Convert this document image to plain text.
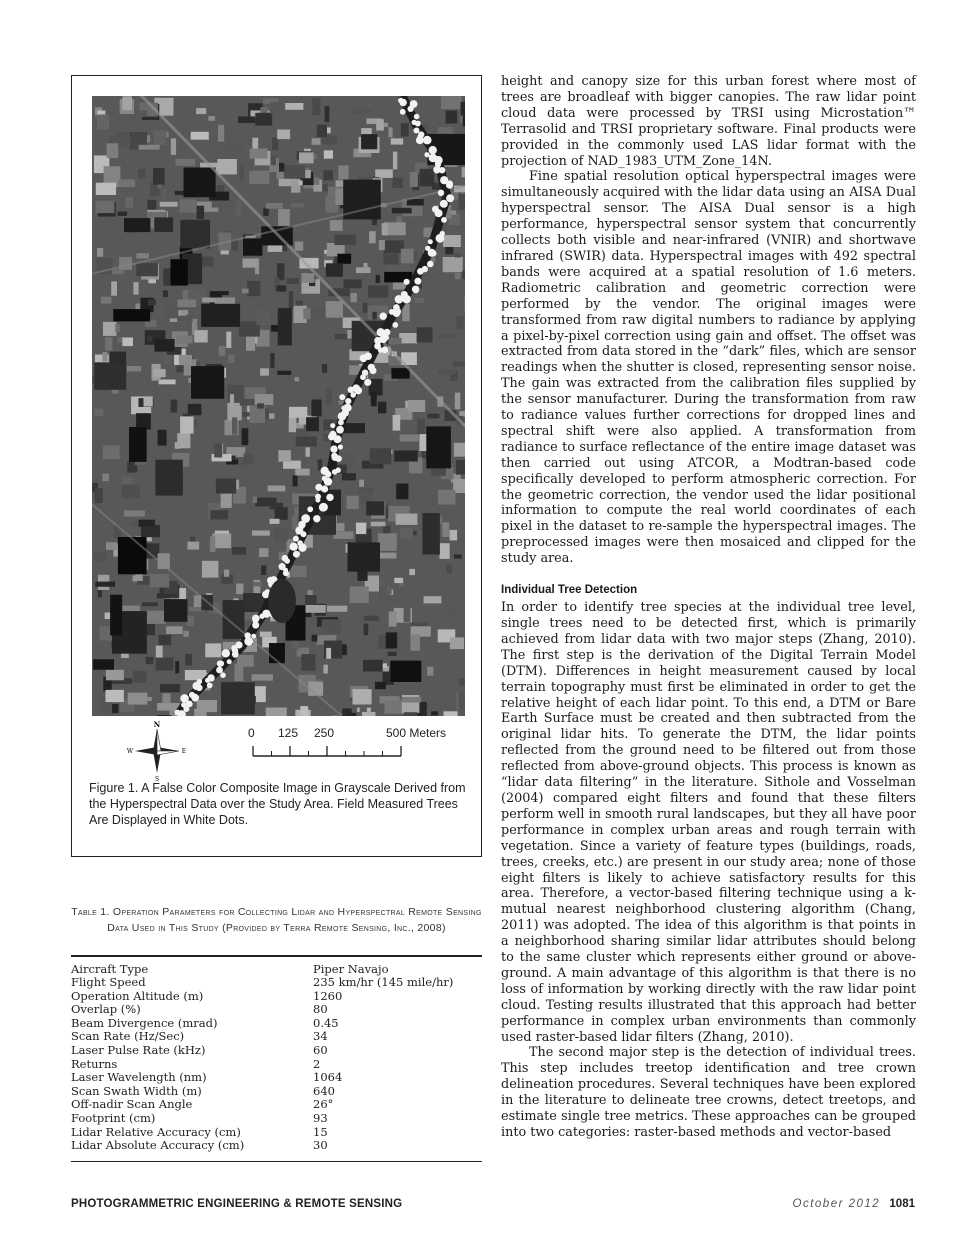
N
S
E
W
0 125 250	500 Meters

Figure 1. A False Color Composite Image in Grayscale Derived from the Hyperspectral Data over the Study Area. Field Measured Trees Are Displayed in White Dots.

Table 1. Operation Parameters for Collecting Lidar and Hyperspectral Remote Sensing Data Used in This Study (Provided by Terra Remote Sensing, Inc., 2008)

Aircraft Type	Piper Navajo
Flight Speed	235 km/hr (145 mile/hr)
Operation Altitude (m)	1260
Overlap (%)	80
Beam Divergence (mrad)	0.45
Scan Rate (Hz/Sec)	34
Laser Pulse Rate (kHz)	60
Returns	2
Laser Wavelength (nm)	1064
Scan Swath Width (m)	640
Off-nadir Scan Angle	26°
Footprint (cm)	93
Lidar Relative Accuracy (cm)	15
Lidar Absolute Accuracy (cm)	30

height and canopy size for this urban forest where most of trees are broadleaf with bigger canopies. The raw lidar point cloud data were processed by TRSI using Microstation™ Terrasolid and TRSI proprietary software. Final products were provided in the commonly used LAS lidar format with the projection of NAD_1983_UTM_Zone_14N.

Fine spatial resolution optical hyperspectral images were simultaneously acquired with the lidar data using an AISA Dual hyperspectral sensor. The AISA Dual sensor is a high performance, hyperspectral sensor system that concurrently collects both visible and near-infrared (VNIR) and shortwave infrared (SWIR) data. Hyperspectral images with 492 spectral bands were acquired at a spatial resolution of 1.6 meters. Radiometric calibration and geometric correction were performed by the vendor. The original images were transformed from raw digital numbers to radiance by applying a pixel-by-pixel correction using gain and offset. The offset was extracted from data stored in the “dark” files, which are sensor readings when the shutter is closed, representing sensor noise. The gain was extracted from the calibration files supplied by the sensor manufacturer. During the transformation from raw to radiance values further corrections for dropped lines and spectral shift were also applied. A transformation from radiance to surface reflectance of the entire image dataset was then carried out using ATCOR, a Modtran-based code specifically developed to perform atmospheric correction. For the geometric correction, the vendor used the lidar positional information to compute the real world coordinates of each pixel in the dataset to re-sample the hyperspectral images. The preprocessed images were then mosaiced and clipped for the study area.

Individual Tree Detection

In order to identify tree species at the individual tree level, single trees need to be detected first, which is primarily achieved from lidar data with two major steps (Zhang, 2010). The first step is the derivation of the Digital Terrain Model (DTM). Differences in height measurement caused by local terrain topography must first be eliminated in order to get the relative height of each lidar point. To this end, a DTM or Bare Earth Surface must be created and then subtracted from the original lidar hits. To generate the DTM, the lidar points reflected from the ground need to be filtered out from those reflected from above-ground objects. This process is known as “lidar data filtering” in the literature. Sithole and Vosselman (2004) compared eight filters and found that these filters perform well in smooth rural landscapes, but they all have poor performance in complex urban areas and rough terrain with vegetation. Since a variety of feature types (buildings, roads, trees, creeks, etc.) are present in our study area; none of those eight filters is likely to achieve satisfactory results for this area. Therefore, a vector-based filtering technique using a k-mutual nearest neighborhood clustering algorithm (Chang, 2011) was adopted. The idea of this algorithm is that points in a neighborhood sharing similar lidar attributes should belong to the same cluster which represents either ground or above-ground. A main advantage of this algorithm is that there is no loss of information by working directly with the raw lidar point cloud. Testing results illustrated that this approach had better performance in complex urban environments than commonly used raster-based lidar filters (Zhang, 2010).

The second major step is the detection of individual trees. This step includes treetop identification and tree crown delineation procedures. Several techniques have been explored in the literature to delineate tree crowns, detect treetops, and estimate single tree metrics. These approaches can be grouped into two categories: raster-based methods and vector-based

PHOTOGRAMMETRIC ENGINEERING & REMOTE SENSING	October 2012 1081
